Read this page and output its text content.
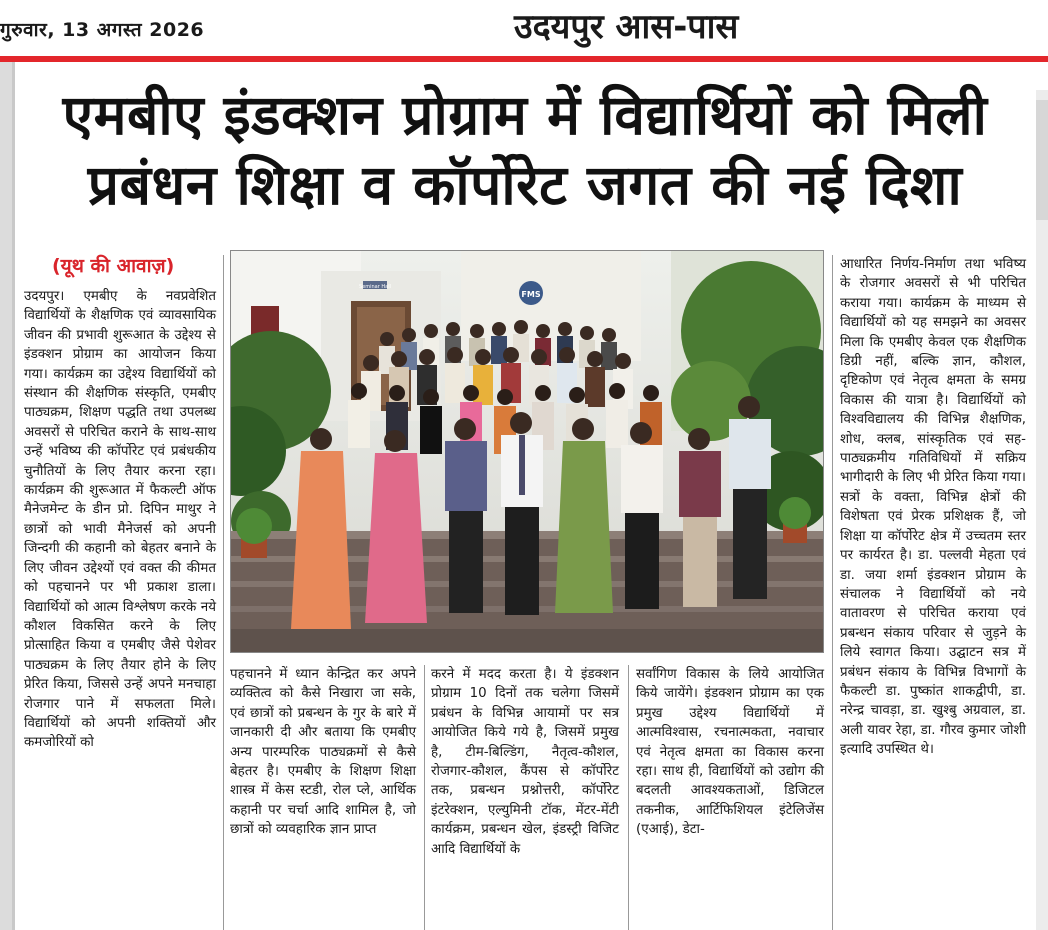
गुरुवार, 13 अगस्त 2026	उदयपुर आस-पास
एमबीए इंडक्शन प्रोग्राम में विद्यार्थियों को मिली
प्रबंधन शिक्षा व कॉर्पोरेट जगत की नई दिशा
(यूथ की आवाज़)
Seminar Hall
FMS

उदयपुर। एमबीए के नवप्रवेशित विद्यार्थियों के शैक्षणिक एवं व्यावसायिक जीवन की प्रभावी शुरूआत के उद्देश्य से इंडक्शन प्रोग्राम का आयोजन किया गया। कार्यक्रम का उद्देश्य विद्यार्थियों को संस्थान की शैक्षणिक संस्कृति, एमबीए पाठ्यक्रम, शिक्षण पद्धति तथा उपलब्ध अवसरों से परिचित कराने के साथ-साथ उन्हें भविष्य की कॉर्पोरेट एवं प्रबंधकीय चुनौतियों के लिए तैयार करना रहा। कार्यक्रम की शुरूआत में फैकल्टी ऑफ मैनेजमेन्ट के डीन प्रो. दिपिन माथुर ने छात्रों को भावी मैनेजर्स को अपनी जिन्दगी की कहानी को बेहतर बनाने के लिए जीवन उद्देश्यों एवं वक्त की कीमत को पहचानने पर भी प्रकाश डाला। विद्यार्थियों को आत्म विश्लेषण करके नये कौशल विकसित करने के लिए प्रोत्साहित किया व एमबीए जैसे पेशेवर पाठ्यक्रम के लिए तैयार होने के लिए प्रेरित किया, जिससे उन्हें अपने मनचाहा रोजगार पाने में सफलता मिले। विद्यार्थियों को अपनी शक्तियों और कमजोरियों को

पहचानने में ध्यान केन्द्रित कर अपने व्यक्तित्व को कैसे निखारा जा सके, एवं छात्रों को प्रबन्धन के गुर के बारे में जानकारी दी और बताया कि एमबीए अन्य पारम्परिक पाठ्यक्रमों से कैसे बेहतर है। एमबीए के शिक्षण शिक्षा शास्त्र में केस स्टडी, रोल प्ले, आर्थिक कहानी पर चर्चा आदि शामिल है, जो छात्रों को व्यवहारिक ज्ञान प्राप्त

करने में मदद करता है। ये इंडक्शन प्रोग्राम 10 दिनों तक चलेगा जिसमें प्रबंधन के विभिन्न आयामों पर सत्र आयोजित किये गये है, जिसमें प्रमुख है, टीम-बिल्डिंग, नैतृत्व-कौशल, रोजगार-कौशल, कैंपस से कॉर्पोरेट तक, प्रबन्धन प्रश्नोत्तरी, कॉर्पोरेट इंटरेक्शन, एल्युमिनी टॉक, मेंटर-मेंटी कार्यक्रम, प्रबन्धन खेल, इंडस्ट्री विजिट आदि विद्यार्थियों के

सर्वांगिण विकास के लिये आयोजित किये जायेंगे। इंडक्शन प्रोग्राम का एक प्रमुख उद्देश्य विद्यार्थियों में आत्मविश्वास, रचनात्मकता, नवाचार एवं नेतृत्व क्षमता का विकास करना रहा। साथ ही, विद्यार्थियों को उद्योग की बदलती आवश्यकताओं, डिजिटल तकनीक, आर्टिफिशियल इंटेलिजेंस (एआई), डेटा-

आधारित निर्णय-निर्माण तथा भविष्य के रोजगार अवसरों से भी परिचित कराया गया। कार्यक्रम के माध्यम से विद्यार्थियों को यह समझने का अवसर मिला कि एमबीए केवल एक शैक्षणिक डिग्री नहीं, बल्कि ज्ञान, कौशल, दृष्टिकोण एवं नेतृत्व क्षमता के समग्र विकास की यात्रा है। विद्यार्थियों को विश्वविद्यालय की विभिन्न शैक्षणिक, शोध, क्लब, सांस्कृतिक एवं सह-पाठ्यक्रमीय गतिविधियों में सक्रिय भागीदारी के लिए भी प्रेरित किया गया। सत्रों के वक्ता, विभिन्न क्षेत्रों की विशेषता एवं प्रेरक प्रशिक्षक हैं, जो शिक्षा या कॉर्पोरेट क्षेत्र में उच्चतम स्तर पर कार्यरत है। डा. पल्लवी मेहता एवं डा. जया शर्मा इंडक्शन प्रोग्राम के संचालक ने विद्यार्थियों को नये वातावरण से परिचित कराया एवं प्रबन्धन संकाय परिवार से जुड़ने के लिये स्वागत किया। उद्घाटन सत्र में प्रबंधन संकाय के विभिन्न विभागों के फैकल्टी डा. पुष्कांत शाकद्वीपी, डा. नरेन्द्र चावड़ा, डा. खुश्बु अग्रवाल, डा. अली यावर रेहा, डा. गौरव कुमार जोशी इत्यादि उपस्थित थे।
